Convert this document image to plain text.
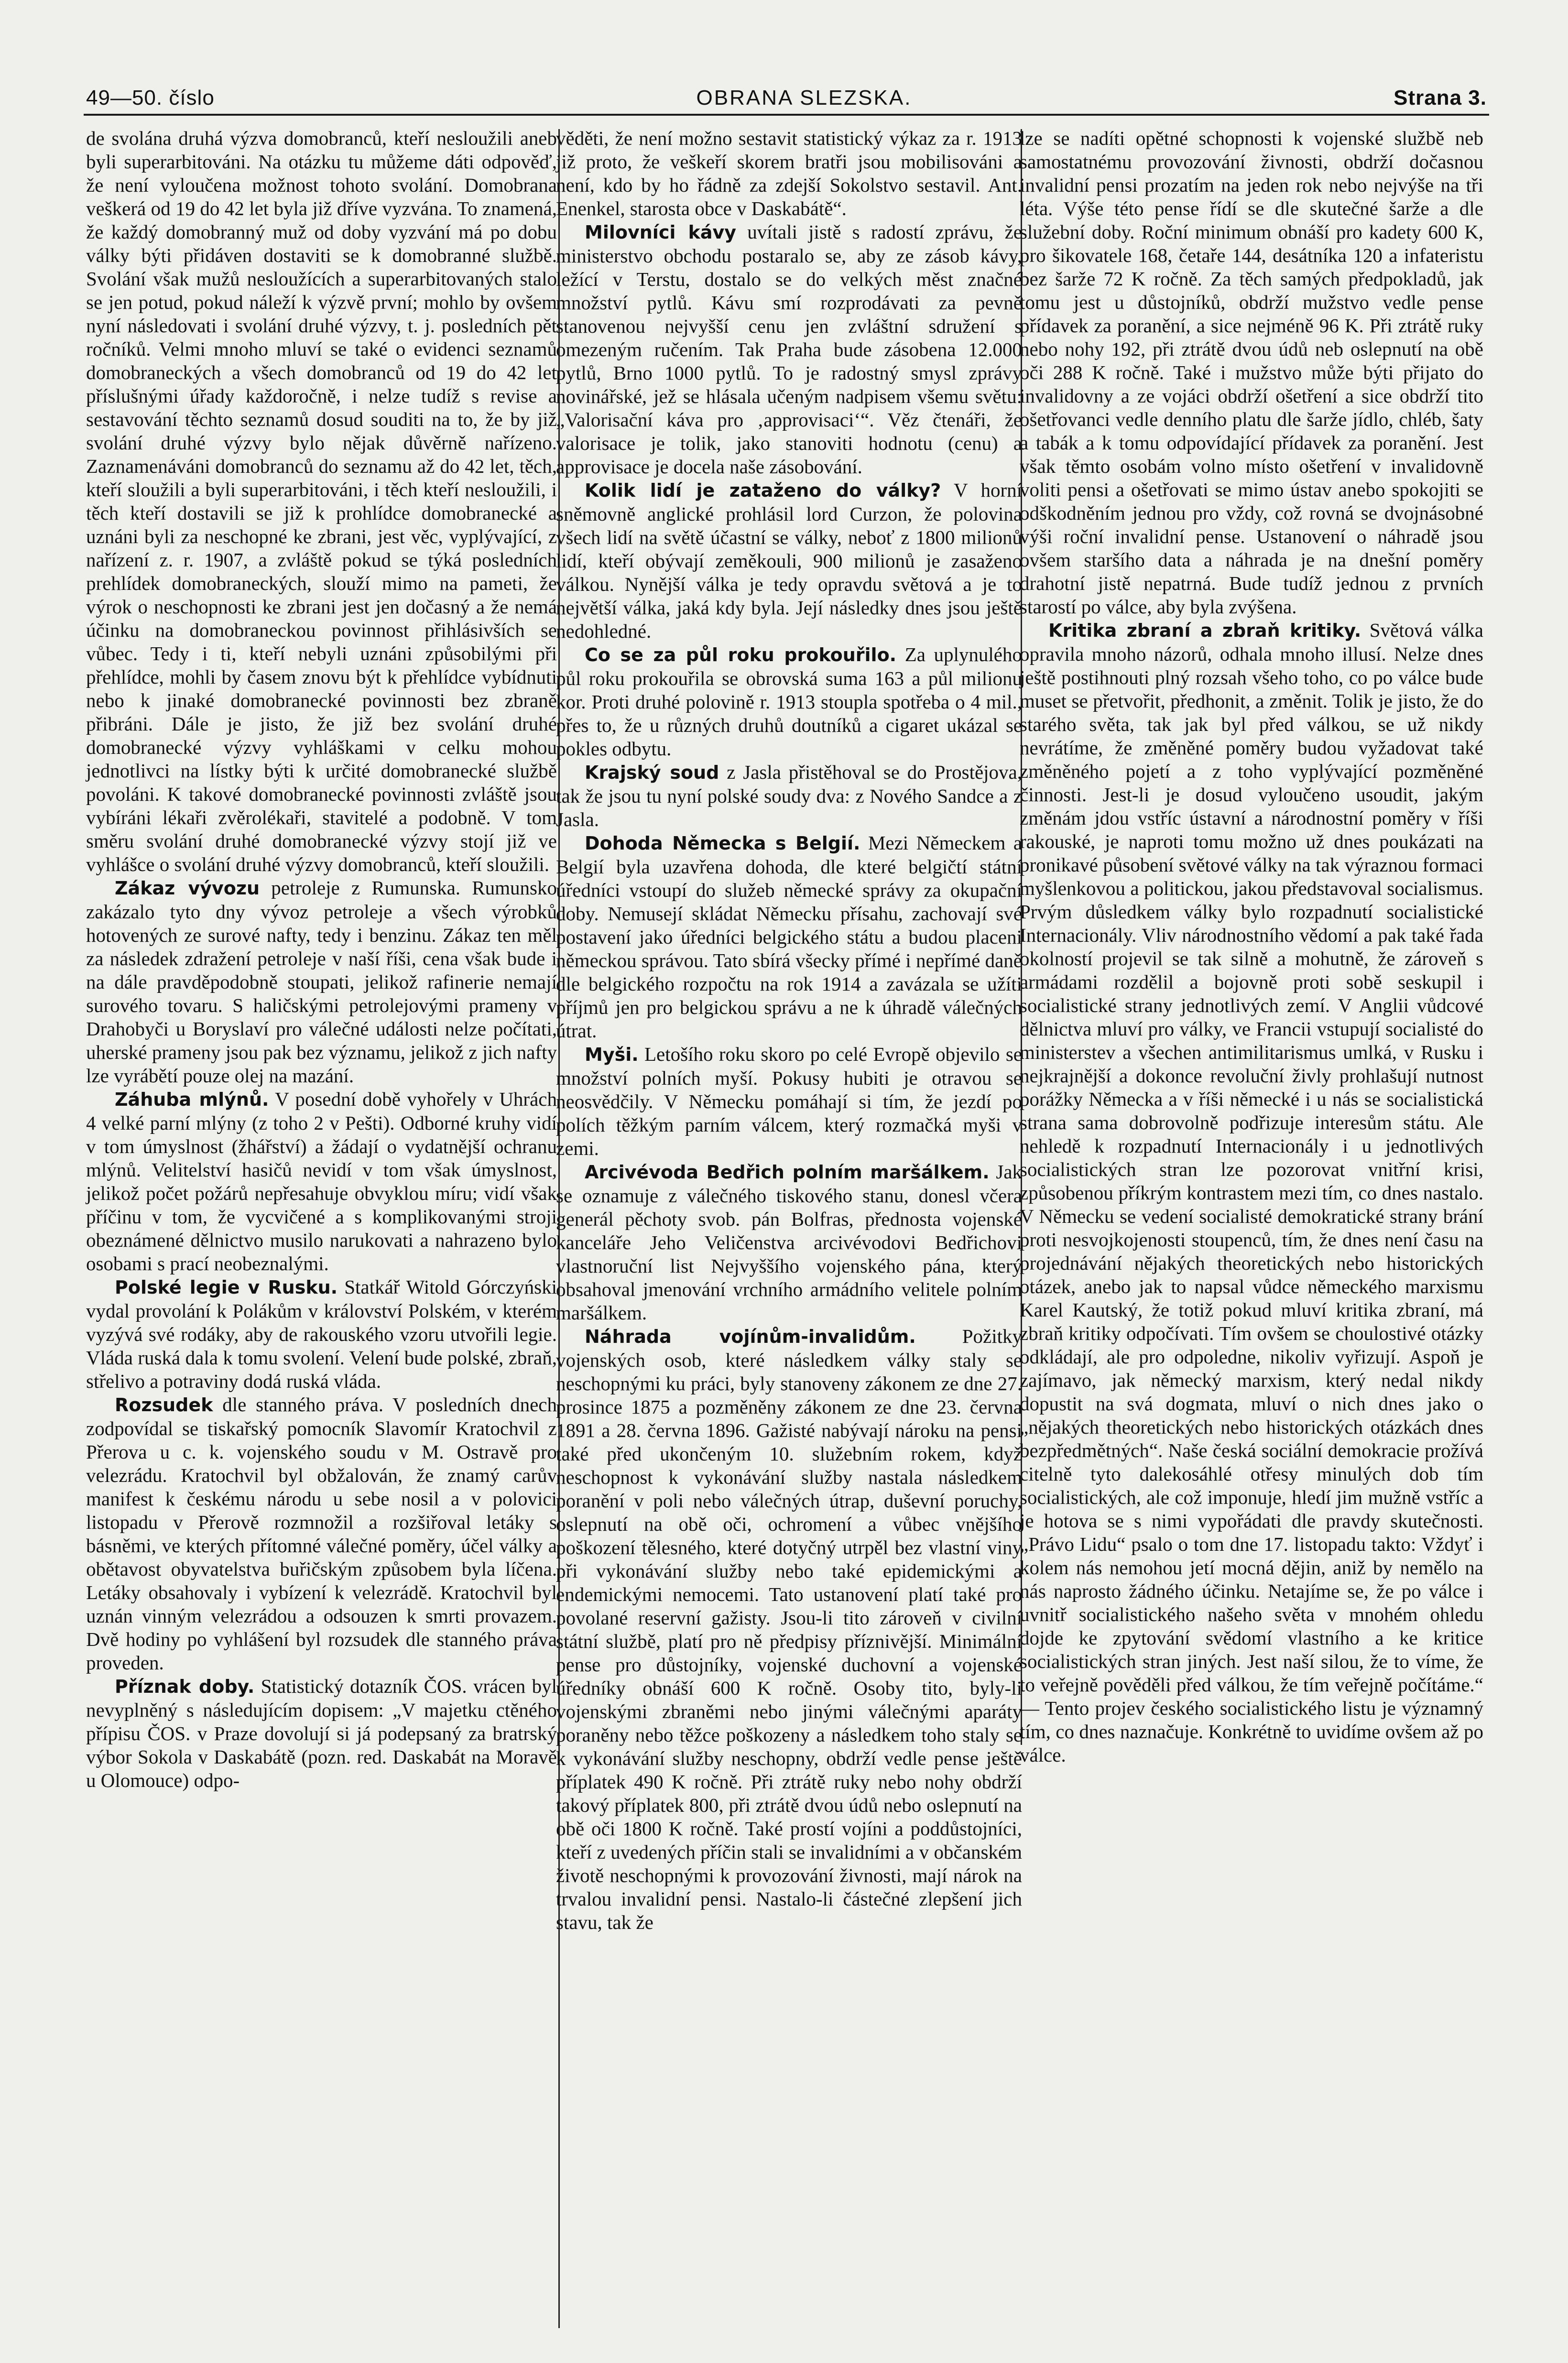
49—50. číslo	OBRANA SLEZSKA.	Strana 3.

de svolána druhá výzva domobranců, kteří nesloužili aneb byli superarbitováni. Na otázku tu můžeme dáti odpověď, že není vyloučena možnost tohoto svolání. Domobrana veškerá od 19 do 42 let byla již dříve vyzvána. To znamená, že každý domobranný muž od doby vyzvání má po dobu války býti přidáven dostaviti se k domobranné službě. Svolání však mužů nesloužících a superarbitovaných stalo se jen potud, pokud náleží k výzvě první; mohlo by ovšem nyní následovati i svolání druhé výzvy, t. j. posledních pět ročníků. Velmi mnoho mluví se také o evidenci seznamů domobraneckých a všech domobranců od 19 do 42 let příslušnými úřady každoročně, i nelze tudíž s revise a sestavování těchto seznamů dosud souditi na to, že by již svolání druhé výzvy bylo nějak důvěrně nařízeno. Zaznamenáváni domobranců do seznamu až do 42 let, těch, kteří sloužili a byli superarbitováni, i těch kteří nesloužili, i těch kteří dostavili se již k prohlídce domobranecké a uznáni byli za neschopné ke zbrani, jest věc, vyplývající, z nařízení z. r. 1907, a zvláště pokud se týká posledních prehlídek domobraneckých, slouží mimo na pameti, že výrok o neschopnosti ke zbrani jest jen dočasný a že nemá účinku na domobraneckou povinnost přihlásivších se vůbec. Tedy i ti, kteří nebyli uznáni způsobilými při přehlídce, mohli by časem znovu být k přehlídce vybídnuti nebo k jinaké domobranecké povinnosti bez zbraně přibráni. Dále je jisto, že již bez svolání druhé domobranecké výzvy vyhláškami v celku mohou jednotlivci na lístky býti k určité domobranecké službě povoláni. K takové domobranecké povinnosti zvláště jsou vybíráni lékaři zvěrolékaři, stavitelé a podobně. V tom směru svolání druhé domobranecké výzvy stojí již ve vyhlášce o svolání druhé výzvy domobranců, kteří sloužili.

Zákaz vývozu petroleje z Rumunska. Rumunsko zakázalo tyto dny vývoz petroleje a všech výrobků hotovených ze surové nafty, tedy i benzinu. Zákaz ten měl za následek zdražení petroleje v naší říši, cena však bude i na dále pravděpodobně stoupati, jelikož rafinerie nemají surového tovaru. S haličskými petrolejovými prameny v Drahobyči u Boryslaví pro válečné události nelze počítati, uherské prameny jsou pak bez významu, jelikož z jich nafty lze vyrábětí pouze olej na mazání.

Záhuba mlýnů. V posední době vyhořely v Uhrách 4 velké parní mlýny (z toho 2 v Pešti). Odborné kruhy vidí v tom úmyslnost (žhářství) a žádají o vydatnější ochranu mlýnů. Velitelství hasičů nevidí v tom však úmyslnost, jelikož počet požárů nepřesahuje obvyklou míru; vidí však příčinu v tom, že vycvičené a s komplikovanými stroji obeznámené dělnictvo musilo narukovati a nahrazeno bylo osobami s prací neobeznalými.

Polské legie v Rusku. Statkář Witold Górczyński vydal provolání k Polákům v království Polském, v kterém vyzývá své rodáky, aby de rakouského vzoru utvořili legie. Vláda ruská dala k tomu svolení. Velení bude polské, zbraň, střelivo a potraviny dodá ruská vláda.

Rozsudek dle stanného práva. V posledních dnech zodpovídal se tiskařský pomocník Slavomír Kratochvil z Přerova u c. k. vojenského soudu v M. Ostravě pro velezrádu. Kratochvil byl obžalován, že znamý carův manifest k českému národu u sebe nosil a v polovici listopadu v Přerově rozmnožil a rozšiřoval letáky s básněmi, ve kterých přítomné válečné poměry, účel války a obětavost obyvatelstva buřičským způsobem byla líčena. Letáky obsahovaly i vybízení k velezrádě. Kratochvil byl uznán vinným velezrádou a odsouzen k smrti provazem. Dvě hodiny po vyhlášení byl rozsudek dle stanného práva proveden.

Příznak doby. Statistický dotazník ČOS. vrácen byl nevyplněný s následujícím dopisem: „V majetku ctěného přípisu ČOS. v Praze dovolují si já podepsaný za bratrský výbor Sokola v Daskabátě (pozn. red. Daskabát na Moravě u Olomouce) odpo-

věděti, že není možno sestavit statistický výkaz za r. 1913 již proto, že veškeří skorem bratři jsou mobilisováni a není, kdo by ho řádně za zdejší Sokolstvo sestavil. Ant. Enenkel, starosta obce v Daskabátě“.

Milovníci kávy uvítali jistě s radostí zprávu, že ministerstvo obchodu postaralo se, aby ze zásob kávy, ležící v Terstu, dostalo se do velkých měst značné množství pytlů. Kávu smí rozprodávati za pevně stanovenou nejvyšší cenu jen zvláštní sdružení s omezeným ručením. Tak Praha bude zásobena 12.000 pytlů, Brno 1000 pytlů. To je radostný smysl zprávy novinářské, jež se hlásala učeným nadpisem všemu světu: „Valorisační káva pro ‚approvisaci‘“. Věz čtenáři, že valorisace je tolik, jako stanoviti hodnotu (cenu) a approvisace je docela naše zásobování.

Kolik lidí je zataženo do války? V horní sněmovně anglické prohlásil lord Curzon, že polovina všech lidí na světě účastní se války, neboť z 1800 milionů lidí, kteří obývají zeměkouli, 900 milionů je zasaženo válkou. Nynější válka je tedy opravdu světová a je to největší válka, jaká kdy byla. Její následky dnes jsou ještě nedohledné.

Co se za půl roku prokouřilo. Za uplynulého půl roku prokouřila se obrovská suma 163 a půl milionu kor. Proti druhé polovině r. 1913 stoupla spotřeba o 4 mil., přes to, že u různých druhů doutníků a cigaret ukázal se pokles odbytu.

Krajský soud z Jasla přistěhoval se do Prostějova, tak že jsou tu nyní polské soudy dva: z Nového Sandce a z Jasla.

Dohoda Německa s Belgií. Mezi Německem a Belgií byla uzavřena dohoda, dle které belgičtí státní úředníci vstoupí do služeb německé správy za okupační doby. Nemusejí skládat Německu přísahu, zachovají své postavení jako úředníci belgického státu a budou placeni německou správou. Tato sbírá všecky přímé i nepřímé daně dle belgického rozpočtu na rok 1914 a zavázala se užíti příjmů jen pro belgickou správu a ne k úhradě válečných útrat.

Myši. Letošího roku skoro po celé Evropě objevilo se množství polních myší. Pokusy hubiti je otravou se neosvědčily. V Německu pomáhají si tím, že jezdí po polích těžkým parním válcem, který rozmačká myši v zemi.

Arcivévoda Bedřich polním maršálkem. Jak se oznamuje z válečného tiskového stanu, donesl včera generál pěchoty svob. pán Bolfras, přednosta vojenské kanceláře Jeho Veličenstva arcivévodovi Bedřichovi vlastnoruční list Nejvyššího vojenského pána, který obsahoval jmenování vrchního armádního velitele polním maršálkem.

Náhrada vojínům-invalidům. Požitky vojenských osob, které následkem války staly se neschopnými ku práci, byly stanoveny zákonem ze dne 27. prosince 1875 a pozměněny zákonem ze dne 23. června 1891 a 28. června 1896. Gažisté nabývají nároku na pensi také před ukončeným 10. služebním rokem, když neschopnost k vykonávání služby nastala následkem poranění v poli nebo válečných útrap, duševní poruchy, oslepnutí na obě oči, ochromení a vůbec vnějšího poškození tělesného, které dotyčný utrpěl bez vlastní viny při vykonávání služby nebo také epidemickými a endemickými nemocemi. Tato ustanovení platí také pro povolané reservní gažisty. Jsou-li tito zároveň v civilní státní službě, platí pro ně předpisy příznivější. Minimální pense pro důstojníky, vojenské duchovní a vojenské úředníky obnáší 600 K ročně. Osoby tito, byly-li vojenskými zbraněmi nebo jinými válečnými aparáty poraněny nebo těžce poškozeny a následkem toho staly se k vykonávání služby neschopny, obdrží vedle pense ještě příplatek 490 K ročně. Při ztrátě ruky nebo nohy obdrží takový příplatek 800, při ztrátě dvou údů nebo oslepnutí na obě oči 1800 K ročně. Také prostí vojíni a poddůstojníci, kteří z uvedených příčin stali se invalidními a v občanském životě neschopnými k provozování živnosti, mají nárok na trvalou invalidní pensi. Nastalo-li částečné zlepšení jich stavu, tak že

lze se nadíti opětné schopnosti k vojenské službě neb samostatnému provozování živnosti, obdrží dočasnou invalidní pensi prozatím na jeden rok nebo nejvýše na tři léta. Výše této pense řídí se dle skutečné šarže a dle služební doby. Roční minimum obnáší pro kadety 600 K, pro šikovatele 168, četaře 144, desátníka 120 a infateristu bez šarže 72 K ročně. Za těch samých předpokladů, jak tomu jest u důstojníků, obdrží mužstvo vedle pense přídavek za poranění, a sice nejméně 96 K. Při ztrátě ruky nebo nohy 192, při ztrátě dvou údů neb oslepnutí na obě oči 288 K ročně. Také i mužstvo může býti přijato do invalidovny a ze vojáci obdrží ošetření a sice obdrží tito ošetřovanci vedle denního platu dle šarže jídlo, chléb, šaty a tabák a k tomu odpovídající přídavek za poranění. Jest však těmto osobám volno místo ošetření v invalidovně voliti pensi a ošetřovati se mimo ústav anebo spokojiti se odškodněním jednou pro vždy, což rovná se dvojnásobné výši roční invalidní pense. Ustanovení o náhradě jsou ovšem staršího data a náhrada je na dnešní poměry drahotní jistě nepatrná. Bude tudíž jednou z prvních starostí po válce, aby byla zvýšena.

Kritika zbraní a zbraň kritiky. Světová válka opravila mnoho názorů, odhala mnoho illusí. Nelze dnes ještě postihnouti plný rozsah všeho toho, co po válce bude muset se přetvořit, předhonit, a změnit. Tolik je jisto, že do starého světa, tak jak byl před válkou, se už nikdy nevrátíme, že změněné poměry budou vyžadovat také změněného pojetí a z toho vyplývající pozměněné činnosti. Jest-li je dosud vyloučeno usoudit, jakým změnám jdou vstříc ústavní a národnostní poměry v říši rakouské, je naproti tomu možno už dnes poukázati na pronikavé působení světové války na tak výraznou formaci myšlenkovou a politickou, jakou představoval socialismus. Prvým důsledkem války bylo rozpadnutí socialistické Internacionály. Vliv národnostního vědomí a pak také řada okolností projevil se tak silně a mohutně, že zároveň s armádami rozdělil a bojovně proti sobě seskupil i socialistické strany jednotlivých zemí. V Anglii vůdcové dělnictva mluví pro války, ve Francii vstupují socialisté do ministerstev a všechen antimilitarismus umlká, v Rusku i nejkrajnější a dokonce revoluční živly prohlašují nutnost porážky Německa a v říši německé i u nás se socialistická strana sama dobrovolně podřizuje interesům státu. Ale nehledě k rozpadnutí Internacionály i u jednotlivých socialistických stran lze pozorovat vnitřní krisi, způsobenou příkrým kontrastem mezi tím, co dnes nastalo. V Německu se vedení socialisté demokratické strany brání proti nesvojkojenosti stoupenců, tím, že dnes není času na projednávání nějakých theoretických nebo historických otázek, anebo jak to napsal vůdce německého marxismu Karel Kautský, že totiž pokud mluví kritika zbraní, má zbraň kritiky odpočívati. Tím ovšem se choulostivé otázky odkládají, ale pro odpoledne, nikoliv vyřizují. Aspoň je zajímavo, jak německý marxism, který nedal nikdy dopustit na svá dogmata, mluví o nich dnes jako o „nějakých theoretických nebo historických otázkách dnes bezpředmětných“. Naše česká sociální demokracie prožívá citelně tyto dalekosáhlé otřesy minulých dob tím socialistických, ale což imponuje, hledí jim mužně vstříc a je hotova se s nimi vypořádati dle pravdy skutečnosti. „Právo Lidu“ psalo o tom dne 17. listopadu takto: Vždyť i kolem nás nemohou jetí mocná dějin, aniž by nemělo na nás naprosto žádného účinku. Netajíme se, že po válce i uvnitř socialistického našeho světa v mnohém ohledu dojde ke zpytování svědomí vlastního a ke kritice socialistických stran jiných. Jest naší silou, že to víme, že to veřejně pověděli před válkou, že tím veřejně počítáme.“ — Tento projev českého socialistického listu je významný tím, co dnes naznačuje. Konkrétně to uvidíme ovšem až po válce.
